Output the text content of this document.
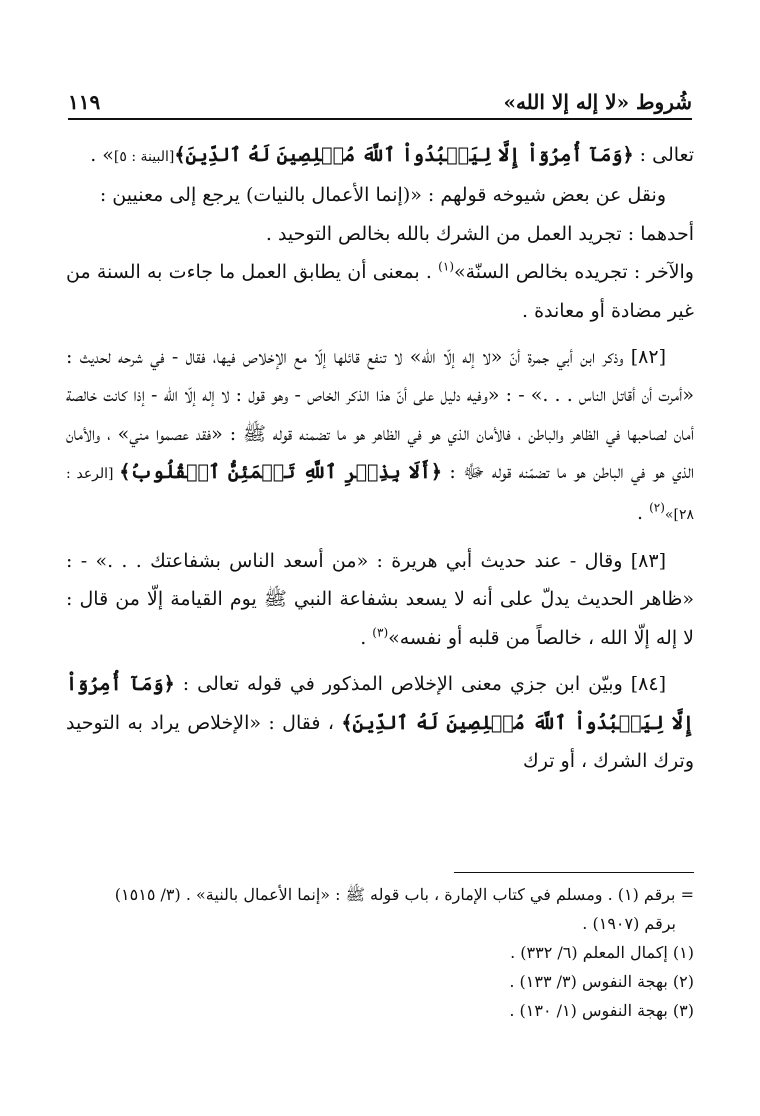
شُروط «لا إله إلا الله»
١١٩

تعالى : ﴿وَمَآ أُمِرُوٓاْ إِلَّا لِيَعۡبُدُواْ ٱللَّهَ مُخۡلِصِينَ لَهُ ٱلدِّينَ﴾[البينة : ٥]» .

ونقل عن بعض شيوخه قولهم : «(إنما الأعمال بالنيات) يرجع إلى معنيين :

أحدهما : تجريد العمل من الشرك بالله بخالص التوحيد .

والآخر : تجريده بخالص السنّة»$^{(١)}$ . بمعنى أن يطابق العمل ما جاءت به السنة من غير مضادة أو معاندة .

[٨٢] وذكر ابن أبي جمرة أنّ «لا إله إلّا الله» لا تنفع قائلها إلّا مع الإخلاص فيها، فقال - في شرحه لحديث : «أمرت أن أقاتل الناس . . .» - : «وفيه دليل على أنّ هذا الذكر الخاص - وهو قول : لا إله إلّا الله - إذا كانت خالصة أمان لصاحبها في الظاهر والباطن ، فالأمان الذي هو في الظاهر هو ما تضمنه قوله ﷺ : «فقد عصموا مني» ، والأمان الذي هو في الباطن هو ما تضمّنه قوله ﷻ : ﴿أَلَا بِذِكۡرِ ٱللَّهِ تَطۡمَئِنُّ ٱلۡقُلُوبُ﴾ [الرعد : ٢٨]»$^{(٢)}$ .

[٨٣] وقال - عند حديث أبي هريرة : «من أسعد الناس بشفاعتك . . .» - : «ظاهر الحديث يدلّ على أنه لا يسعد بشفاعة النبي ﷺ يوم القيامة إلّا من قال : لا إله إلّا الله ، خالصاً من قلبه أو نفسه»$^{(٣)}$ .

[٨٤] وبيّن ابن جزي معنى الإخلاص المذكور في قوله تعالى : ﴿وَمَآ أُمِرُوٓاْ إِلَّا لِيَعۡبُدُواْ ٱللَّهَ مُخۡلِصِينَ لَهُ ٱلدِّينَ﴾ ، فقال : «الإخلاص يراد به التوحيد وترك الشرك ، أو ترك

= برقم (١) . ومسلم في كتاب الإمارة ، باب قوله ﷺ : «إنما الأعمال بالنية» . (٣/ ١٥١٥)

برقم (١٩٠٧) .

(١) إكمال المعلم (٦/ ٣٣٢) .

(٢) بهجة النفوس (٣/ ١٣٣) .

(٣) بهجة النفوس (١/ ١٣٠) .
